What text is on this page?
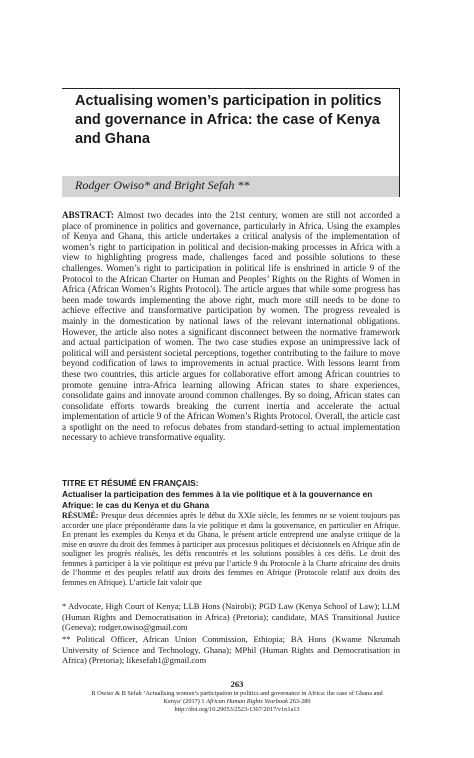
Actualising women’s participation in politics and governance in Africa: the case of Kenya and Ghana
Rodger Owiso* and Bright Sefah **

ABSTRACT: Almost two decades into the 21st century, women are still not accorded a place of prominence in politics and governance, particularly in Africa. Using the examples of Kenya and Ghana, this article undertakes a critical analysis of the implementation of women’s right to participation in political and decision-making processes in Africa with a view to highlighting progress made, challenges faced and possible solutions to these challenges. Women’s right to participation in political life is enshrined in article 9 of the Protocol to the African Charter on Human and Peoples’ Rights on the Rights of Women in Africa (African Women’s Rights Protocol). The article argues that while some progress has been made towards implementing the above right, much more still needs to be done to achieve effective and transformative participation by women. The progress revealed is mainly in the domestication by national laws of the relevant international obligations. However, the article also notes a significant disconnect between the normative framework and actual participation of women. The two case studies expose an unimpressive lack of political will and persistent societal perceptions, together contributing to the failure to move beyond codification of laws to improvements in actual practice. With lessons learnt from these two countries, this article argues for collaborative effort among African countries to promote genuine intra-Africa learning allowing African states to share experiences, consolidate gains and innovate around common challenges. By so doing, African states can consolidate efforts towards breaking the current inertia and accelerate the actual implementation of article 9 of the African Women’s Rights Protocol. Overall, the article cast a spotlight on the need to refocus debates from standard-setting to actual implementation necessary to achieve transformative equality.

TITRE ET RÉSUMÉ EN FRANÇAIS:

Actualiser la participation des femmes à la vie politique et à la gouvernance en Afrique: le cas du Kenya et du Ghana

RÉSUMÉ: Presque deux décennies après le début du XXIe siècle, les femmes ne se voient toujours pas accorder une place prépondérante dans la vie politique et dans la gouvernance, en particulier en Afrique. En prenant les exemples du Kenya et du Ghana, le présent article entreprend une analyse critique de la mise en œuvre du droit des femmes à participer aux processus politiques et décisionnels en Afrique afin de souligner les progrès réalisés, les défis rencontrés et les solutions possibles à ces défis. Le droit des femmes à participer à la vie politique est prévu par l’article 9 du Protocole à la Charte africaine des droits de l’homme et des peuples relatif aux droits des femmes en Afrique (Protocole relatif aux droits des femmes en Afrique). L’article fait valoir que

* Advocate, High Court of Kenya; LLB Hons (Nairobi); PGD Law (Kenya School of Law); LLM (Human Rights and Democratisation in Africa) (Pretoria); candidate, MAS Transitional Justice (Geneva); rodger.owiso@gmail.com

** Political Officer, African Union Commission, Ethiopia; BA Hons (Kwame Nkrumah University of Science and Technology, Ghana); MPhil (Human Rights and Democratisation in Africa) (Pretoria); likesefah1@gmail.com

263

R Owiso & B Sefah ‘Actualising women’s participation in politics and governance in Africa: the case of Ghana and
Kenya’ (2017) 1 African Human Rights Yearbook 263-289
http://doi.org/10.29053/2523-1367/2017/v1n1a13
